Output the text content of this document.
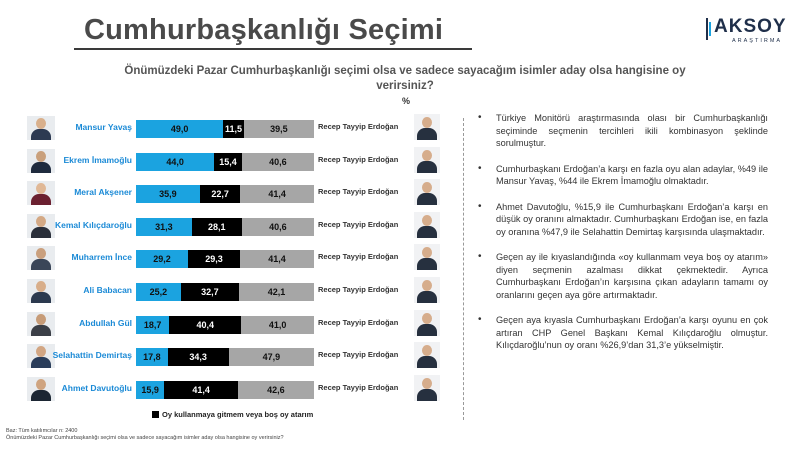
Cumhurbaşkanlığı Seçimi	AKSOY
ARAŞTIRMA
Önümüzdeki Pazar Cumhurbaşkanlığı seçimi olsa ve sadece sayacağım isimler aday olsa hangisine oy verirsiniz?
%
Mansur Yavaş	49,0	11,5	39,5	Recep Tayyip Erdoğan
Ekrem İmamoğlu	44,0	15,4	40,6	Recep Tayyip Erdoğan
Meral Akşener	35,9	22,7	41,4	Recep Tayyip Erdoğan
Kemal Kılıçdaroğlu	31,3	28,1	40,6	Recep Tayyip Erdoğan
Muharrem İnce 29,2	29,3	41,4	Recep Tayyip Erdoğan
Ali Babacan 25,2	32,7	42,1	Recep Tayyip Erdoğan
Abdullah Gül 18,7	40,4	41,0	Recep Tayyip Erdoğan
Selahattin Demirtaş 17,8	34,3	47,9	Recep Tayyip Erdoğan
Ahmet Davutoğlu 15,9	41,4	42,6	Recep Tayyip Erdoğan
Oy kullanmaya gitmem veya boş oy atarım
Baz: Tüm katılımcılar n: 2400
Önümüzdeki Pazar Cumhurbaşkanlığı seçimi olsa ve sadece sayacağım isimler aday olsa hangisine oy verirsiniz?
• Türkiye Monitörü araştırmasında olası bir Cumhurbaşkanlığı seçiminde seçmenin tercihleri ikili kombinasyon şeklinde sorulmuştur.
• Cumhurbaşkanı Erdoğan’a karşı en fazla oyu alan adaylar, %49 ile Mansur Yavaş, %44 ile Ekrem İmamoğlu olmaktadır.
• Ahmet Davutoğlu, %15,9 ile Cumhurbaşkanı Erdoğan’a karşı en düşük oy oranını almaktadır. Cumhurbaşkanı Erdoğan ise, en fazla oy oranına %47,9 ile Selahattin Demirtaş karşısında ulaşmaktadır.
• Geçen ay ile kıyaslandığında «oy kullanmam veya boş oy atarım» diyen seçmenin azalması dikkat çekmektedir. Ayrıca Cumhurbaşkanı Erdoğan’ın karşısına çıkan adayların tamamı oy oranlarını geçen aya göre artırmaktadır.
• Geçen aya kıyasla Cumhurbaşkanı Erdoğan’a karşı oyunu en çok artıran CHP Genel Başkanı Kemal Kılıçdaroğlu olmuştur. Kılıçdaroğlu’nun oy oranı %26,9’dan 31,3’e yükselmiştir.
